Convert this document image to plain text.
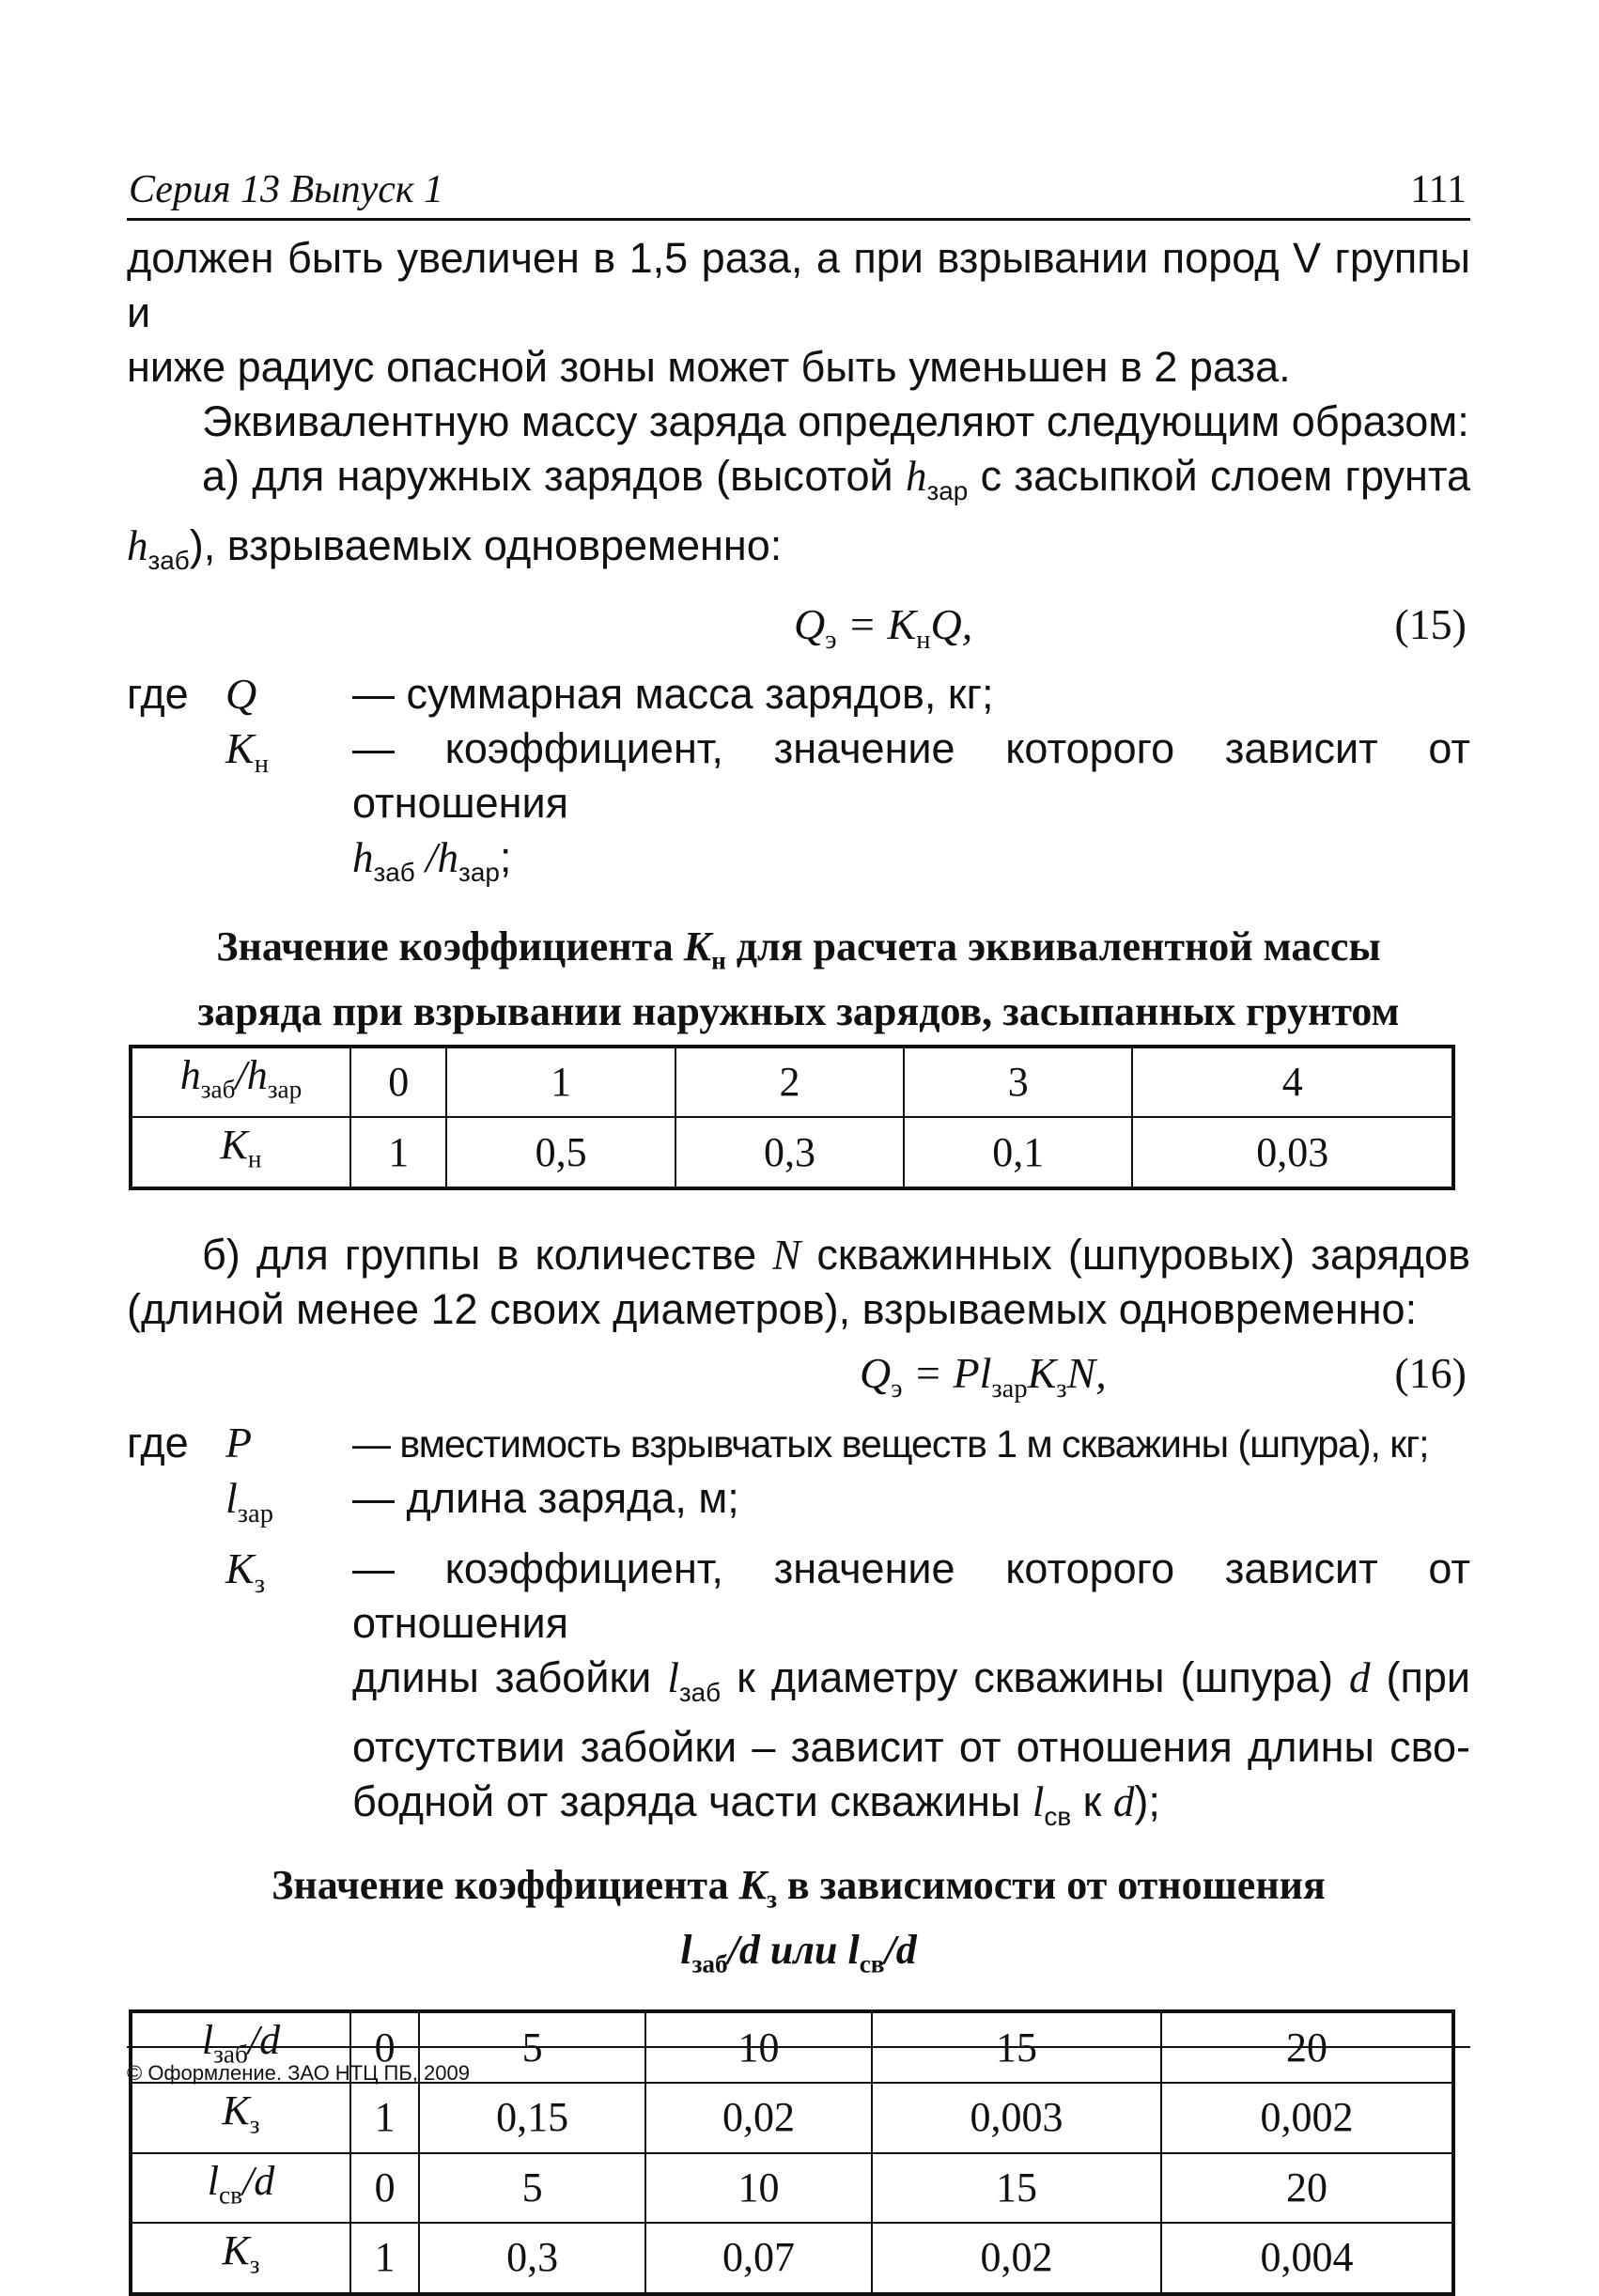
Серия 13 Выпуск 1	111

должен быть увеличен в 1,5 раза, а при взрывании пород V группы и

ниже радиус опасной зоны может быть уменьшен в 2 раза.

Эквивалентную массу заряда определяют следующим образом:

а) для наружных зарядов (высотой $h_{зар}$ с засыпкой слоем грунта

$h_{заб}$), взрываемых одновременно:

$Q_э = K_нQ$,	(15)
где Q	— суммарная масса зарядов, кг;
$K_н$	— коэффициент, значение которого зависит от отношения
$h_{заб}$ $/h_{зар}$;
Значение коэффициента $K_н$ для расчета эквивалентной массы
заряда при взрывании наружных зарядов, засыпанных грунтом
$h_{заб}/h_{зар}$	0	1	2	3	4
$K_н$	1	0,5	0,3	0,1	0,03

б) для группы в количестве N скважинных (шпуровых) зарядов

(длиной менее 12 своих диаметров), взрываемых одновременно:

$Q_э = Pl_{зар}K_зN$,	(16)
где P	— вместимость взрывчатых веществ 1 м скважины (шпура), кг;
$l_{зар}$	— длина заряда, м;
$K_з$	— коэффициент, значение которого зависит от отношения
длины забойки $l_{заб}$ к диаметру скважины (шпура) d (при
отсутствии забойки – зависит от отношения длины сво-
бодной от заряда части скважины $l_{св}$ к d);
Значение коэффициента $K_з$ в зависимости от отношения
$l_{заб}/d$ или $l_{св}/d$
$l_{заб}/d$	0	5	10	15	20
$K_з$	1	0,15	0,02	0,003	0,002
$l_{св}/d$	0	5	10	15	20
$K_з$	1	0,3	0,07	0,02	0,004
© Оформление. ЗАО НТЦ ПБ, 2009
